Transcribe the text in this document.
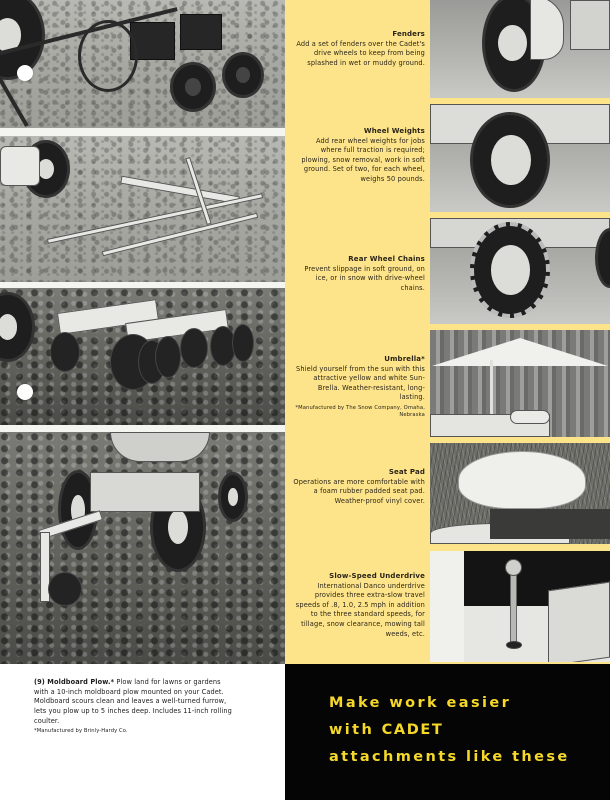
Fenders
Add a set of fenders over the Cadet's drive wheels to keep from being splashed in wet or muddy ground.
Wheel Weights
Add rear wheel weights for jobs where full traction is required; plowing, snow removal, work in soft ground. Set of two, for each wheel, weighs 50 pounds.
Rear Wheel Chains
Prevent slippage in soft ground, on ice, or in snow with drive-wheel chains.
Umbrella*
Shield yourself from the sun with this attractive yellow and white Sun-Brella. Weather-resistant, long-lasting.
*Manufactured by The Snow Company, Omaha, Nebraska
Seat Pad
Operations are more comfortable with a foam rubber padded seat pad. Weather-proof vinyl cover.
Slow-Speed Underdrive
International Danco underdrive provides three extra-slow travel speeds of .8, 1.0, 2.5 mph in addition to the three standard speeds, for tillage, snow clearance, mowing tall weeds, etc.
(9) Moldboard Plow.* Plow land for lawns or gardens with a 10-inch moldboard plow mounted on your Cadet. Moldboard scours clean and leaves a well-turned furrow, lets you plow up to 5 inches deep. Includes 11-inch rolling coulter.
*Manufactured by Brinly-Hardy Co.
Make work easier
with CADET
attachments like these
